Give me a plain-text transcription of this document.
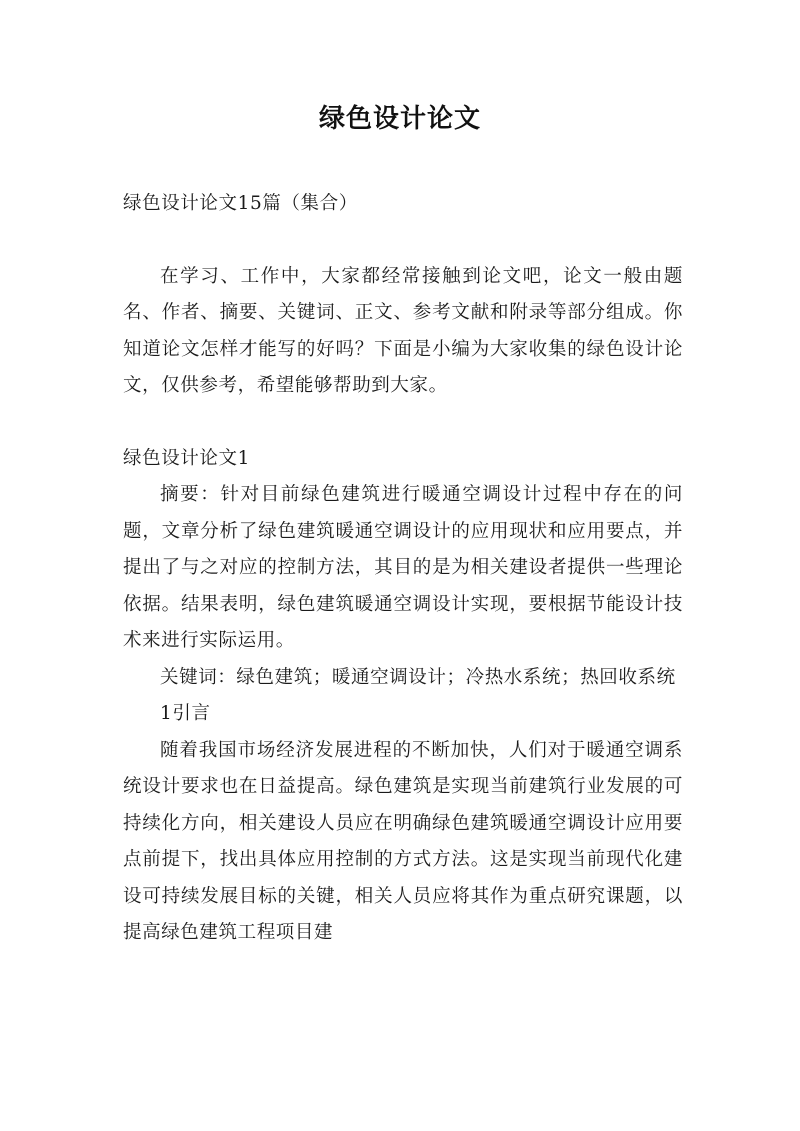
绿色设计论文

绿色设计论文15篇（集合）

在学习、工作中，大家都经常接触到论文吧，论文一般由题名、作者、摘要、关键词、正文、参考文献和附录等部分组成。你知道论文怎样才能写的好吗？下面是小编为大家收集的绿色设计论文，仅供参考，希望能够帮助到大家。

绿色设计论文1

摘要：针对目前绿色建筑进行暖通空调设计过程中存在的问题，文章分析了绿色建筑暖通空调设计的应用现状和应用要点，并提出了与之对应的控制方法，其目的是为相关建设者提供一些理论依据。结果表明，绿色建筑暖通空调设计实现，要根据节能设计技术来进行实际运用。

关键词：绿色建筑；暖通空调设计；冷热水系统；热回收系统

1引言

随着我国市场经济发展进程的不断加快，人们对于暖通空调系统设计要求也在日益提高。绿色建筑是实现当前建筑行业发展的可持续化方向，相关建设人员应在明确绿色建筑暖通空调设计应用要点前提下，找出具体应用控制的方式方法。这是实现当前现代化建设可持续发展目标的关键，相关人员应将其作为重点研究课题，以提高绿色建筑工程项目建
